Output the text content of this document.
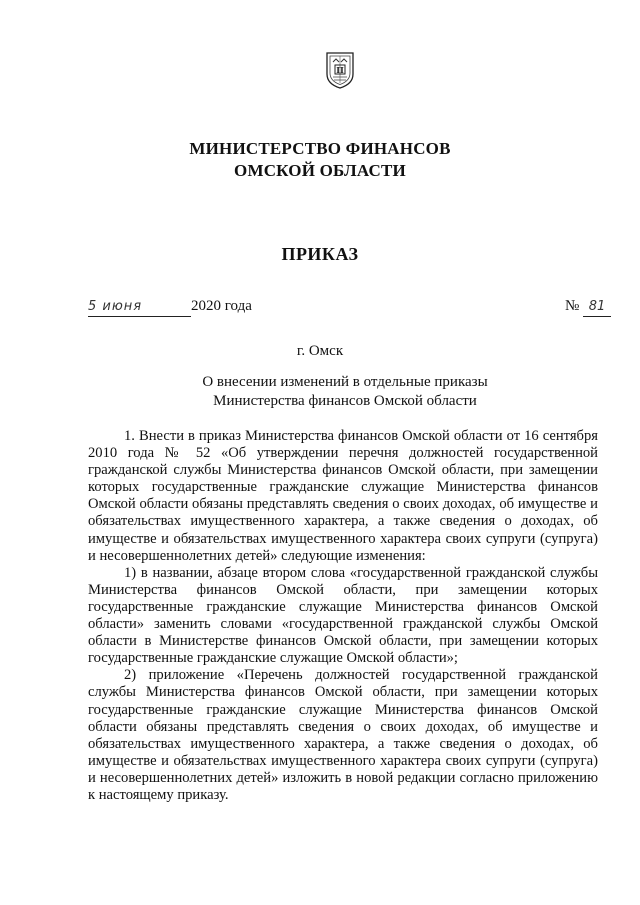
П
МИНИСТЕРСТВО ФИНАНСОВ
ОМСКОЙ ОБЛАСТИ
ПРИКАЗ
5 июня	2020 года	№ 81
г. Омск
О внесении изменений в отдельные приказы
Министерства финансов Омской области

1. Внести в приказ Министерства финансов Омской области от 16 сентября 2010 года № 52 «Об утверждении перечня должностей государственной гражданской службы Министерства финансов Омской области, при замещении которых государственные гражданские служащие Министерства финансов Омской области обязаны представлять сведения о своих доходах, об имуществе и обязательствах имущественного характера, а также сведения о доходах, об имуществе и обязательствах имущественного характера своих супруги (супруга) и несовершеннолетних детей» следующие изменения:

1) в названии, абзаце втором слова «государственной гражданской службы Министерства финансов Омской области, при замещении которых государственные гражданские служащие Министерства финансов Омской области» заменить словами «государственной гражданской службы Омской области в Министерстве финансов Омской области, при замещении которых государственные гражданские служащие Омской области»;

2) приложение «Перечень должностей государственной гражданской службы Министерства финансов Омской области, при замещении которых государственные гражданские служащие Министерства финансов Омской области обязаны представлять сведения о своих доходах, об имуществе и обязательствах имущественного характера, а также сведения о доходах, об имуществе и обязательствах имущественного характера своих супруги (супруга) и несовершеннолетних детей» изложить в новой редакции согласно приложению к настоящему приказу.
